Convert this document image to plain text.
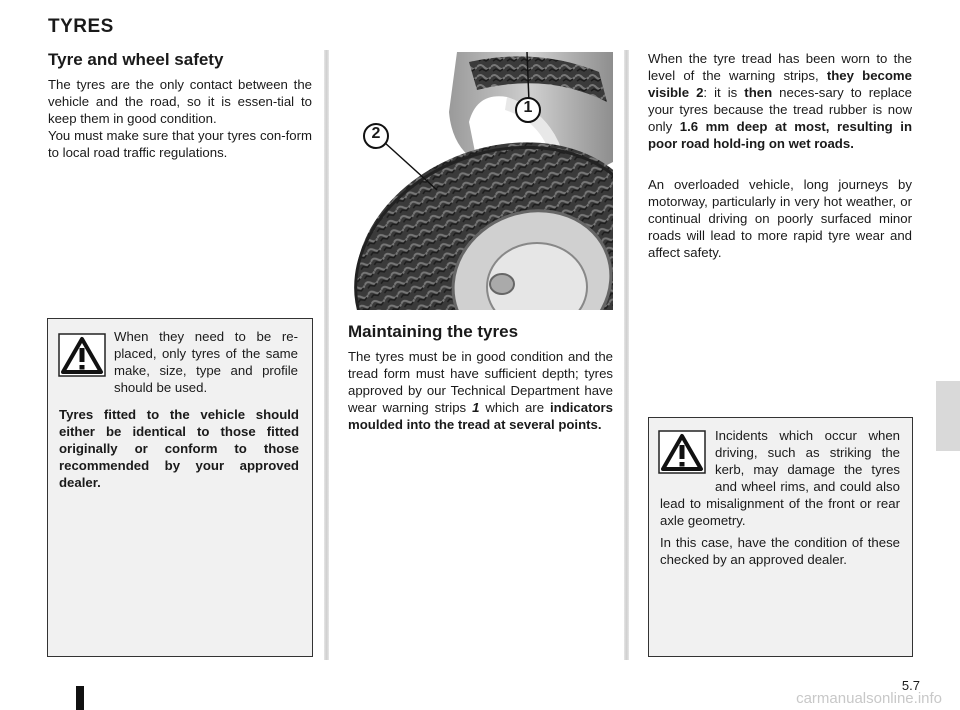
TYRES
Tyre and wheel safety

The tyres are the only contact between the vehicle and the road, so it is essen-tial to keep them in good condition.

You must make sure that your tyres con-form to local road traffic regulations.

When they need to be re-placed, only tyres of the same make, size, type and profile should be used.

Tyres fitted to the vehicle should either be identical to those fitted originally or conform to those recommended by your approved dealer.

1
2
Maintaining the tyres

The tyres must be in good condition and the tread form must have sufficient depth; tyres approved by our Technical Department have wear warning strips 1 which are indicators moulded into the tread at several points.

When the tyre tread has been worn to the level of the warning strips, they become visible 2: it is then neces-sary to replace your tyres because the tread rubber is now only 1.6 mm deep at most, resulting in poor road hold-ing on wet roads.

An overloaded vehicle, long journeys by motorway, particularly in very hot weather, or continual driving on poorly surfaced minor roads will lead to more rapid tyre wear and affect safety.

Incidents which occur when driving, such as striking the kerb, may damage the tyres and wheel rims, and could also lead to misalignment of the front or rear axle geometry.

In this case, have the condition of these checked by an approved dealer.

5.7
carmanualsonline.info
